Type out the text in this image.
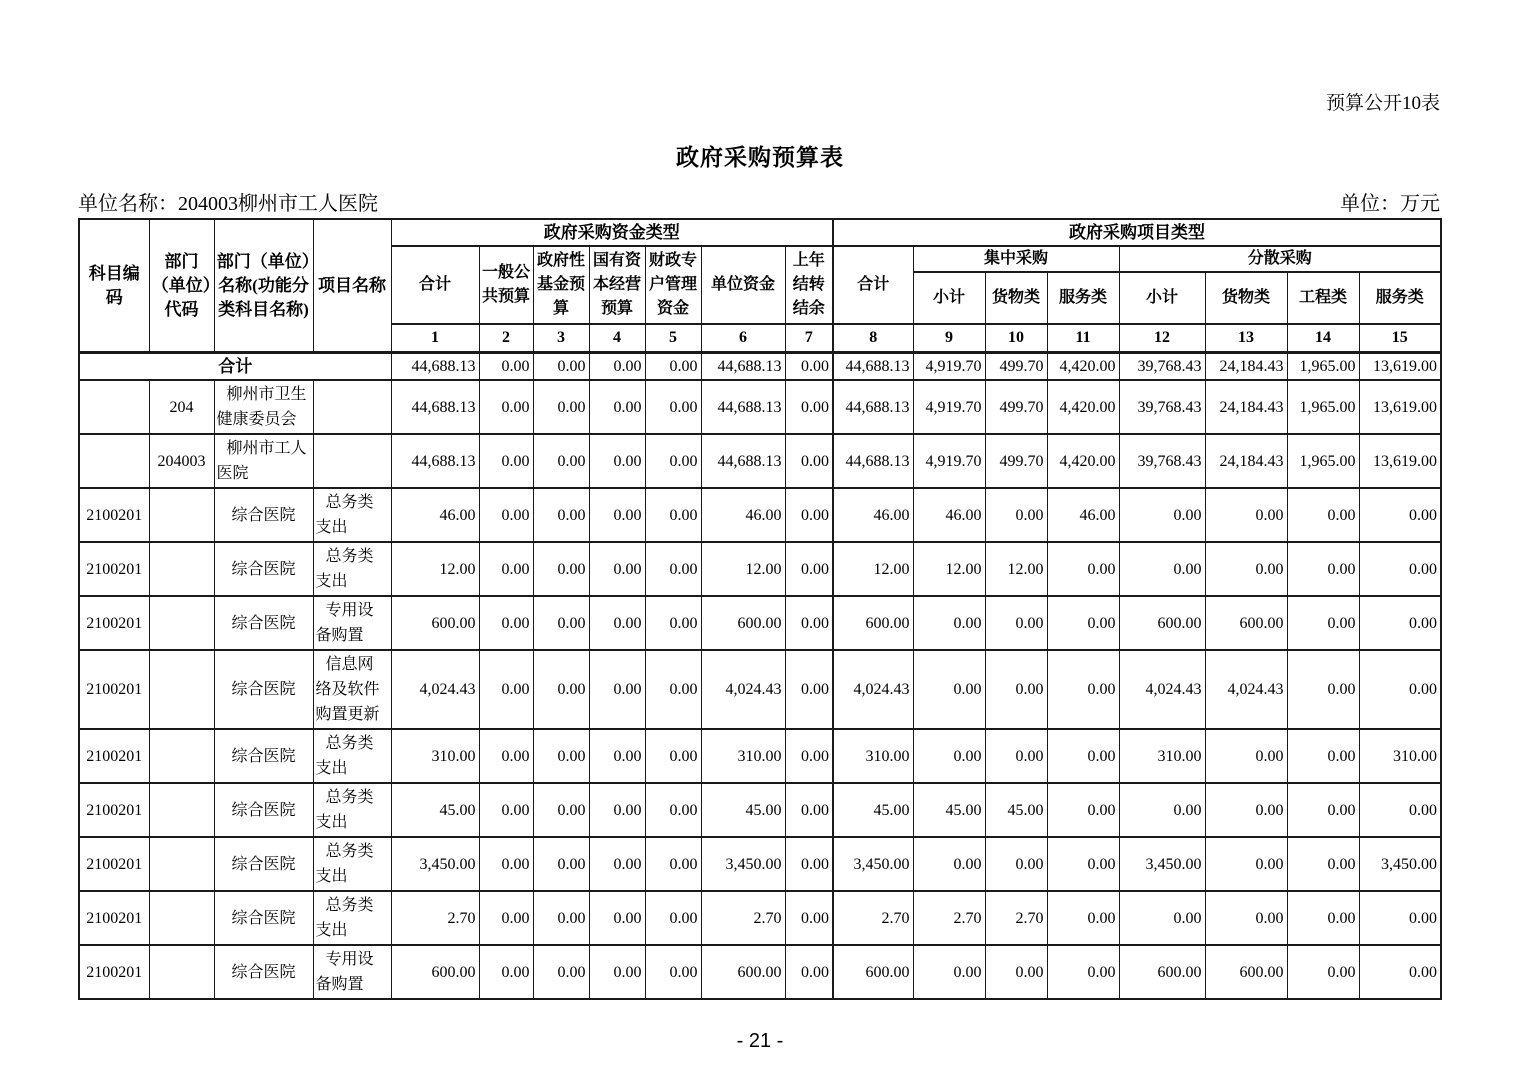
预算公开10表
政府采购预算表
单位名称：204003柳州市工人医院	单位：万元
科目编码	部门（单位）代码	部门（单位）名称(功能分类科目名称)	项目名称	政府采购资金类型							政府采购项目类型							
				合计	一般公共预算	政府性基金预算	国有资本经营预算	财政专户管理资金	单位资金	上年结转结余	合计	集中采购			分散采购			
												小计	货物类	服务类	小计	货物类	工程类	服务类
				1	2	3	4	5	6	7	8	9	10	11	12	13	14	15
合计				44,688.13	0.00	0.00	0.00	0.00	44,688.13	0.00	44,688.13	4,919.70	499.70	4,420.00	39,768.43	24,184.43	1,965.00	13,619.00
	204	柳州市卫生健康委员会		44,688.13	0.00	0.00	0.00	0.00	44,688.13	0.00	44,688.13	4,919.70	499.70	4,420.00	39,768.43	24,184.43	1,965.00	13,619.00
	204003	柳州市工人医院		44,688.13	0.00	0.00	0.00	0.00	44,688.13	0.00	44,688.13	4,919.70	499.70	4,420.00	39,768.43	24,184.43	1,965.00	13,619.00
2100201		综合医院	总务类支出	46.00	0.00	0.00	0.00	0.00	46.00	0.00	46.00	46.00	0.00	46.00	0.00	0.00	0.00	0.00
2100201		综合医院	总务类支出	12.00	0.00	0.00	0.00	0.00	12.00	0.00	12.00	12.00	12.00	0.00	0.00	0.00	0.00	0.00
2100201		综合医院	专用设备购置	600.00	0.00	0.00	0.00	0.00	600.00	0.00	600.00	0.00	0.00	0.00	600.00	600.00	0.00	0.00
2100201		综合医院	信息网络及软件购置更新	4,024.43	0.00	0.00	0.00	0.00	4,024.43	0.00	4,024.43	0.00	0.00	0.00	4,024.43	4,024.43	0.00	0.00
2100201		综合医院	总务类支出	310.00	0.00	0.00	0.00	0.00	310.00	0.00	310.00	0.00	0.00	0.00	310.00	0.00	0.00	310.00
2100201		综合医院	总务类支出	45.00	0.00	0.00	0.00	0.00	45.00	0.00	45.00	45.00	45.00	0.00	0.00	0.00	0.00	0.00
2100201		综合医院	总务类支出	3,450.00	0.00	0.00	0.00	0.00	3,450.00	0.00	3,450.00	0.00	0.00	0.00	3,450.00	0.00	0.00	3,450.00
2100201		综合医院	总务类支出	2.70	0.00	0.00	0.00	0.00	2.70	0.00	2.70	2.70	2.70	0.00	0.00	0.00	0.00	0.00
2100201		综合医院	专用设备购置	600.00	0.00	0.00	0.00	0.00	600.00	0.00	600.00	0.00	0.00	0.00	600.00	600.00	0.00	0.00
- 21 -
